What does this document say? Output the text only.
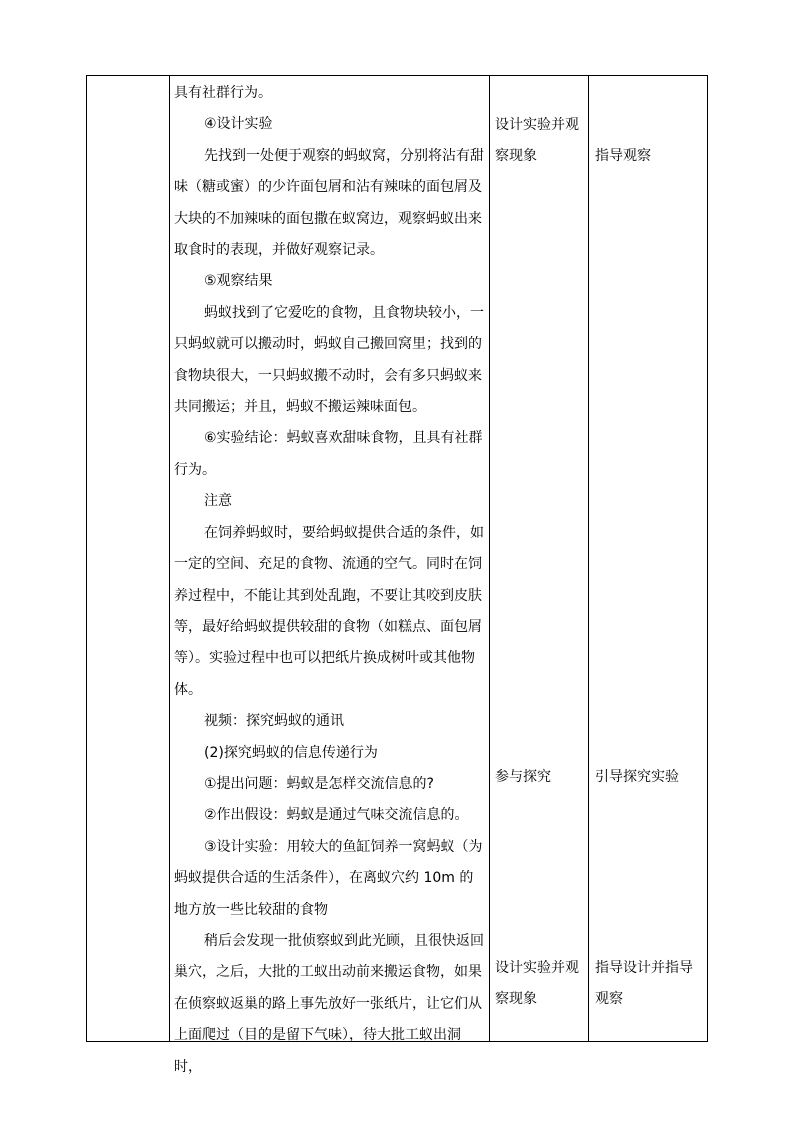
具有社群行为。

④设计实验

先找到一处便于观察的蚂蚁窝，分别将沾有甜味（糖或蜜）的少许面包屑和沾有辣味的面包屑及大块的不加辣味的面包撒在蚁窝边，观察蚂蚁出来取食时的表现，并做好观察记录。

⑤观察结果

蚂蚁找到了它爱吃的食物，且食物块较小，一只蚂蚁就可以搬动时，蚂蚁自己搬回窝里；找到的食物块很大，一只蚂蚁搬不动时，会有多只蚂蚁来共同搬运；并且，蚂蚁不搬运辣味面包。

⑥实验结论：蚂蚁喜欢甜味食物，且具有社群行为。

注意

在饲养蚂蚁时，要给蚂蚁提供合适的条件，如一定的空间、充足的食物、流通的空气。同时在饲养过程中，不能让其到处乱跑，不要让其咬到皮肤等，最好给蚂蚁提供较甜的食物（如糕点、面包屑等）。实验过程中也可以把纸片换成树叶或其他物体。

视频：探究蚂蚁的通讯

(2)探究蚂蚁的信息传递行为

①提出问题：蚂蚁是怎样交流信息的?

②作出假设：蚂蚁是通过气味交流信息的。

③设计实验：用较大的鱼缸饲养一窝蚂蚁（为蚂蚁提供合适的生活条件），在离蚁穴约 10m 的地方放一些比较甜的食物

稍后会发现一批侦察蚁到此光顾，且很快返回巢穴，之后，大批的工蚁出动前来搬运食物，如果在侦察蚁返巢的路上事先放好一张纸片，让它们从上面爬过（目的是留下气味），待大批工蚁出洞时，

设计实验并观察现象	指导观察
参与探究	引导探究实验
设计实验并观察现象
指导设计并指导观察
